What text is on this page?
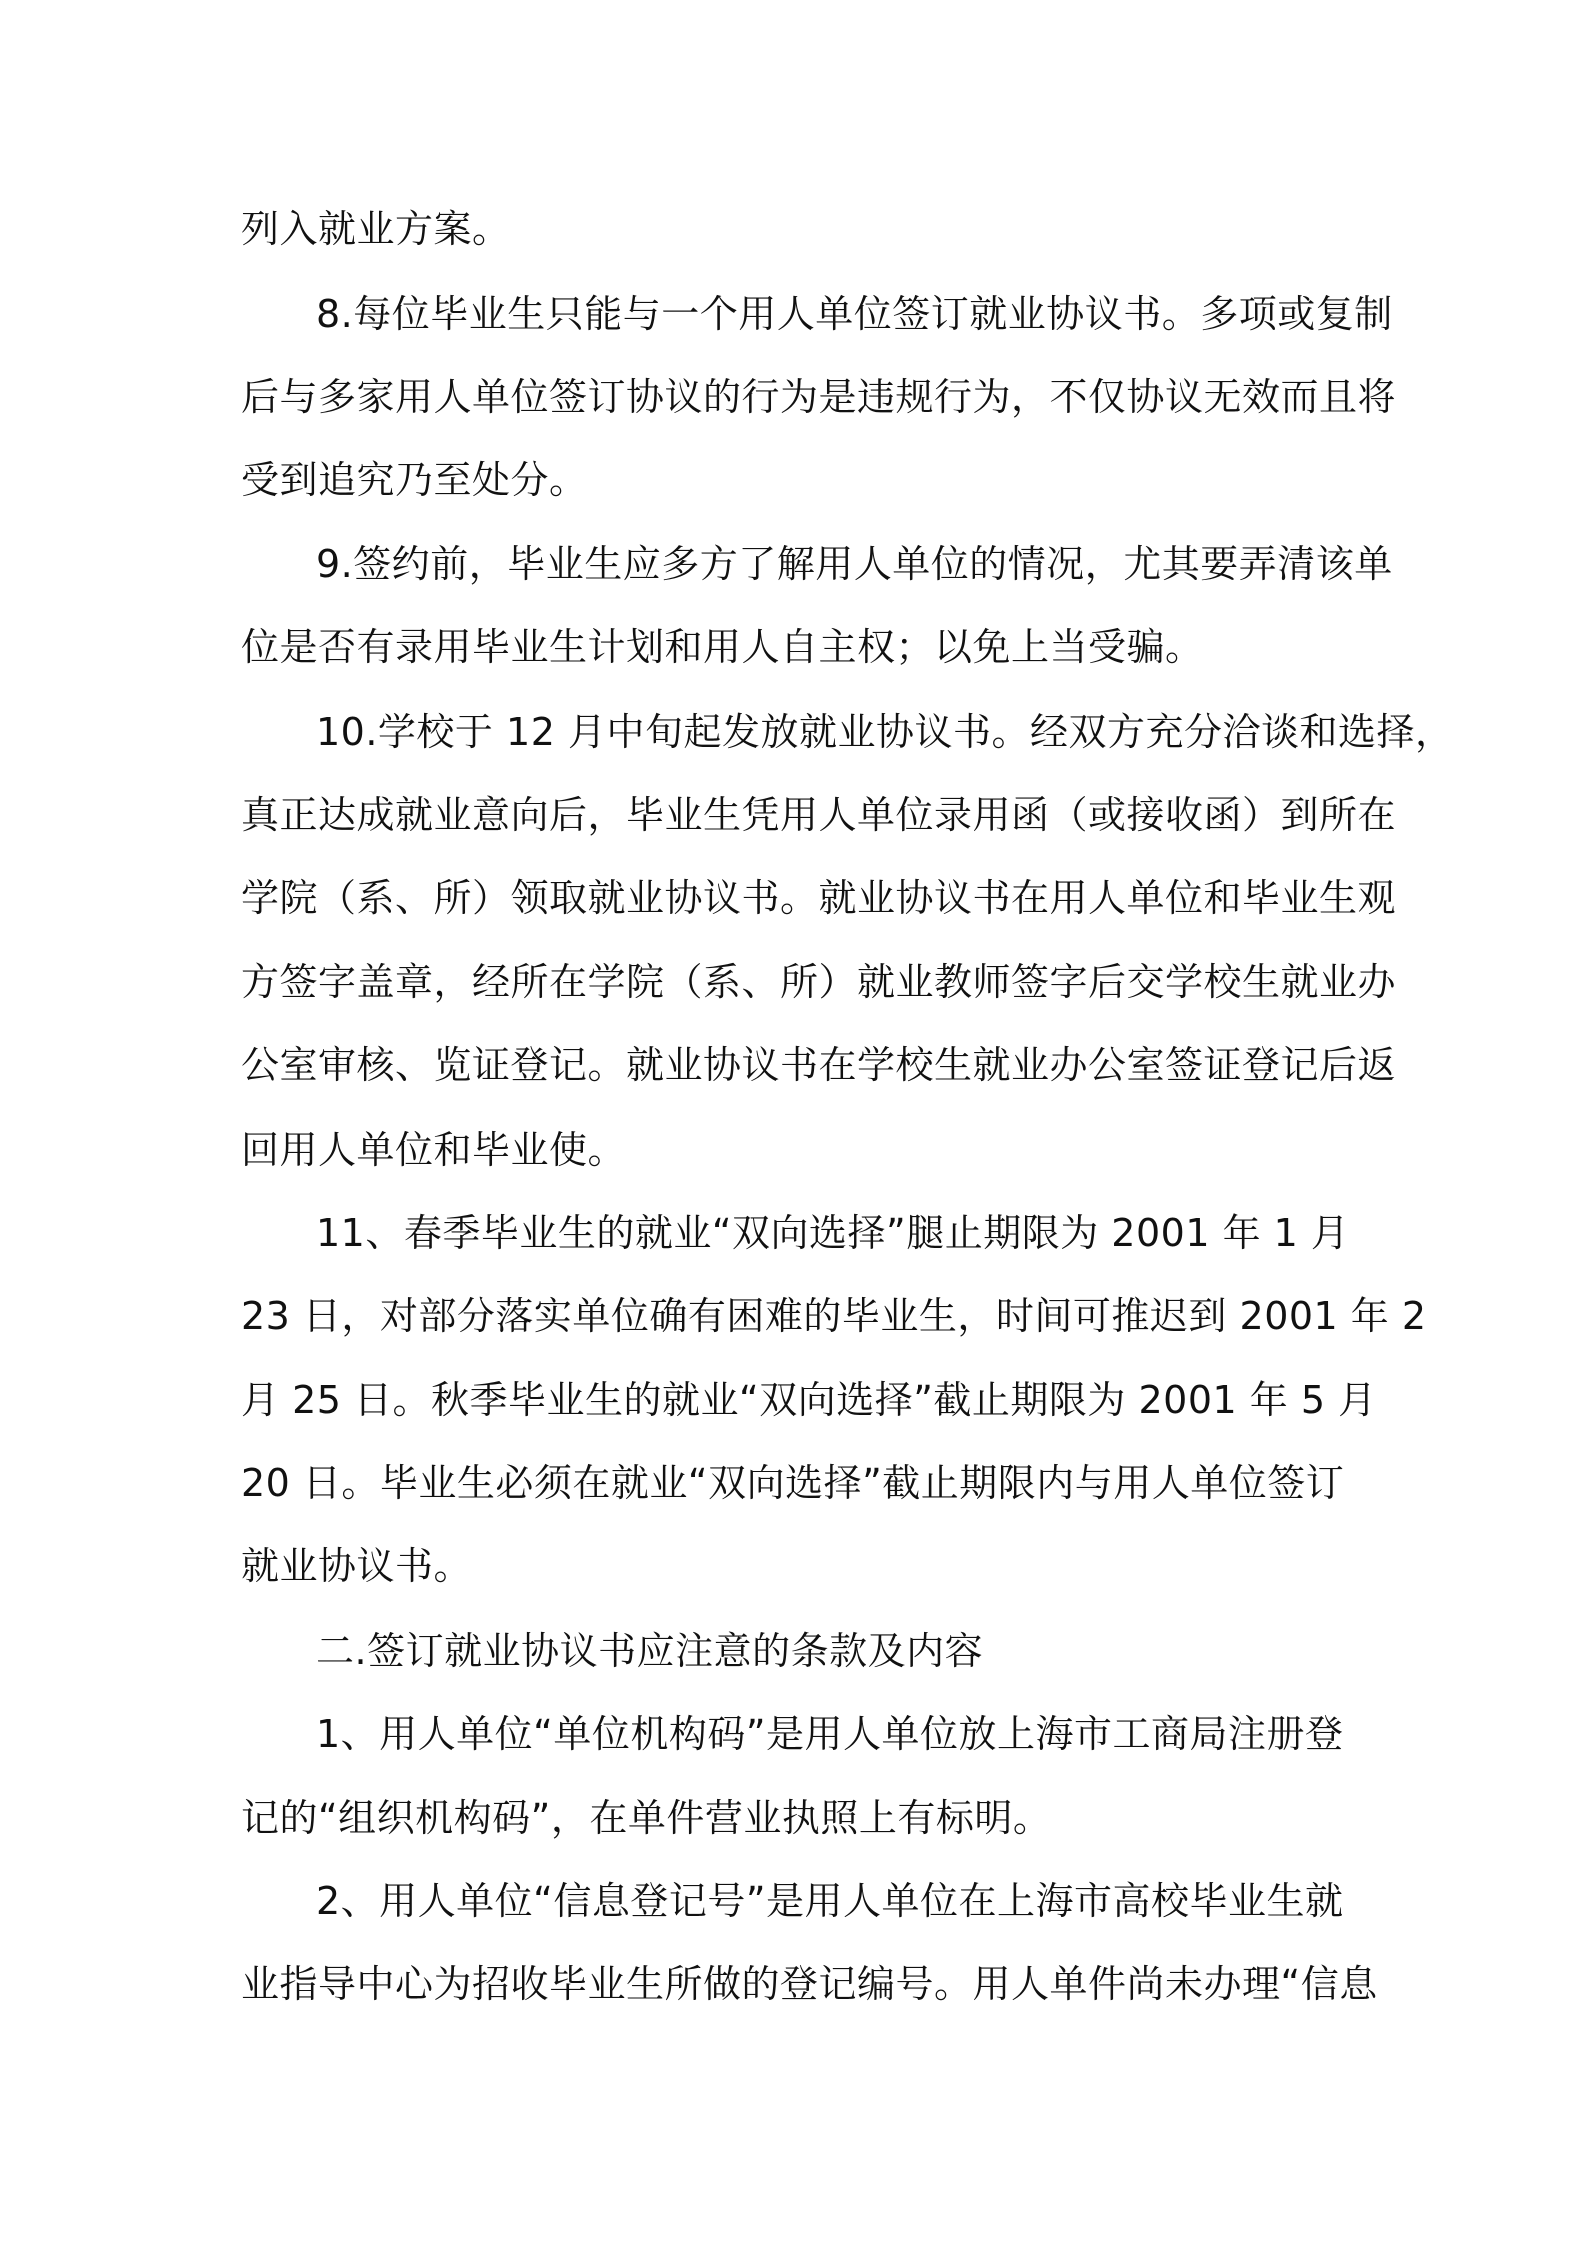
列入就业方案。

8.每位毕业生只能与一个用人单位签订就业协议书。多项或复制

后与多家用人单位签订协议的行为是违规行为，不仅协议无效而且将

受到追究乃至处分。

9.签约前，毕业生应多方了解用人单位的情况，尤其要弄清该单

位是否有录用毕业生计划和用人自主权；以免上当受骗。

10.学校于 12 月中旬起发放就业协议书。经双方充分洽谈和选择，

真正达成就业意向后，毕业生凭用人单位录用函（或接收函）到所在

学院（系、所）领取就业协议书。就业协议书在用人单位和毕业生观

方签字盖章，经所在学院（系、所）就业教师签字后交学校生就业办

公室审核、览证登记。就业协议书在学校生就业办公室签证登记后返

回用人单位和毕业使。

11、春季毕业生的就业“双向选择”腿止期限为 2001 年 1 月

23 日，对部分落实单位确有困难的毕业生，时间可推迟到 2001 年 2

月 25 日。秋季毕业生的就业“双向选择”截止期限为 2001 年 5 月

20 日。毕业生必须在就业“双向选择”截止期限内与用人单位签订

就业协议书。

二.签订就业协议书应注意的条款及内容

1、用人单位“单位机构码”是用人单位放上海市工商局注册登

记的“组织机构码”，在单件营业执照上有标明。

2、用人单位“信息登记号”是用人单位在上海市高校毕业生就

业指导中心为招收毕业生所做的登记编号。用人单件尚未办理“信息
